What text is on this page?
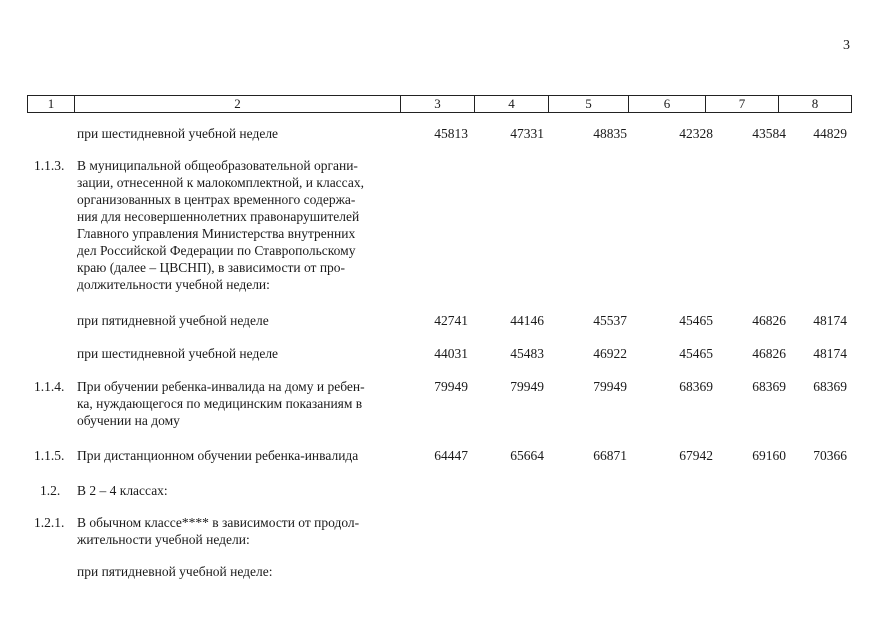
3
1	2	3	4	5	6	7	8
при шестидневной учебной неделе	45813	47331	48835	42328	43584	44829
1.1.3. В муниципальной общеобразовательной органи-
зации, отнесенной к малокомплектной, и классах,
организованных в центрах временного содержа-
ния для несовершеннолетних правонарушителей
Главного управления Министерства внутренних
дел Российской Федерации по Ставропольскому
краю (далее – ЦВСНП), в зависимости от про-
должительности учебной недели:
при пятидневной учебной неделе	42741	44146	45537	45465	46826	48174
при шестидневной учебной неделе	44031	45483	46922	45465	46826	48174
1.1.4. При обучении ребенка-инвалида на дому и ребен-
ка, нуждающегося по медицинским показаниям в
обучении на дому
79949	79949	79949	68369	68369	68369
1.1.5. При дистанционном обучении ребенка-инвалида	64447	65664	66871	67942	69160	70366
1.2. В 2 – 4 классах:
1.2.1. В обычном классе**** в зависимости от продол-
жительности учебной недели:
при пятидневной учебной неделе:
